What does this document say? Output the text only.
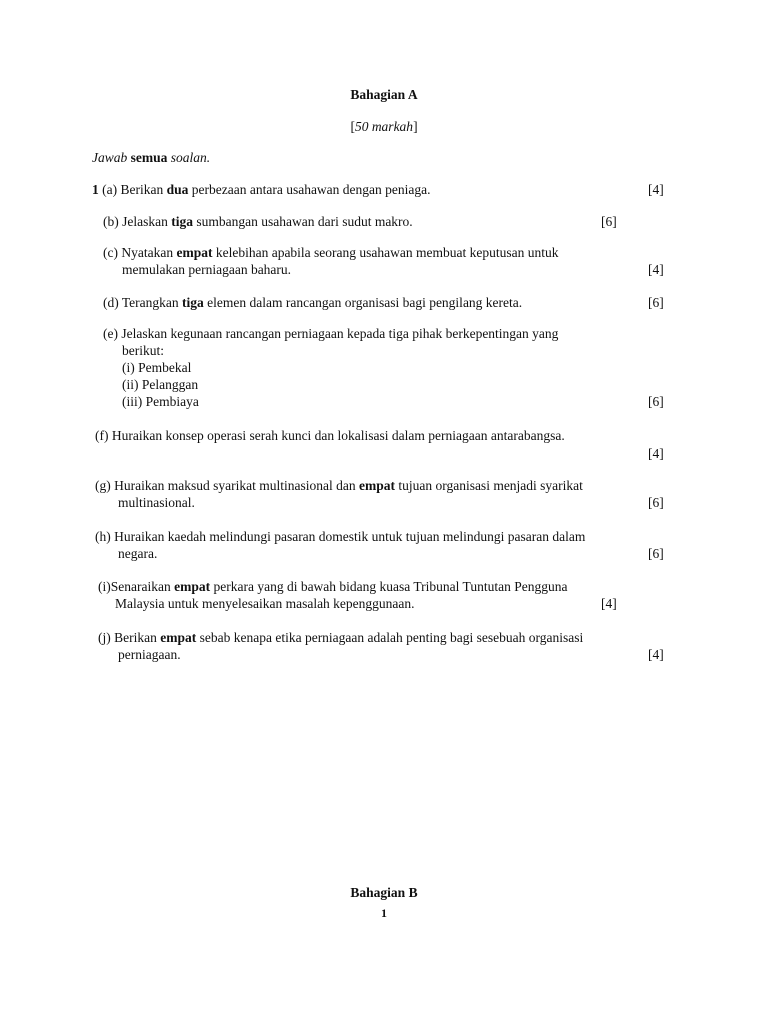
Bahagian A
[50 markah]
Jawab semua soalan.
1 (a) Berikan dua perbezaan antara usahawan dengan peniaga.	[4]
(b) Jelaskan tiga sumbangan usahawan dari sudut makro.	[6]
(c) Nyatakan empat kelebihan apabila seorang usahawan membuat keputusan untuk
memulakan perniagaan baharu.	[4]
(d) Terangkan tiga elemen dalam rancangan organisasi bagi pengilang kereta.	[6]
(e) Jelaskan kegunaan rancangan perniagaan kepada tiga pihak berkepentingan yang
berikut:
(i) Pembekal
(ii) Pelanggan
(iii) Pembiaya	[6]
(f) Huraikan konsep operasi serah kunci dan lokalisasi dalam perniagaan antarabangsa.
[4]
(g) Huraikan maksud syarikat multinasional dan empat tujuan organisasi menjadi syarikat
multinasional.	[6]
(h) Huraikan kaedah melindungi pasaran domestik untuk tujuan melindungi pasaran dalam
negara.	[6]
(i)Senaraikan empat perkara yang di bawah bidang kuasa Tribunal Tuntutan Pengguna
Malaysia untuk menyelesaikan masalah kepenggunaan.	[4]
(j) Berikan empat sebab kenapa etika perniagaan adalah penting bagi sesebuah organisasi
perniagaan.	[4]
Bahagian B
1
